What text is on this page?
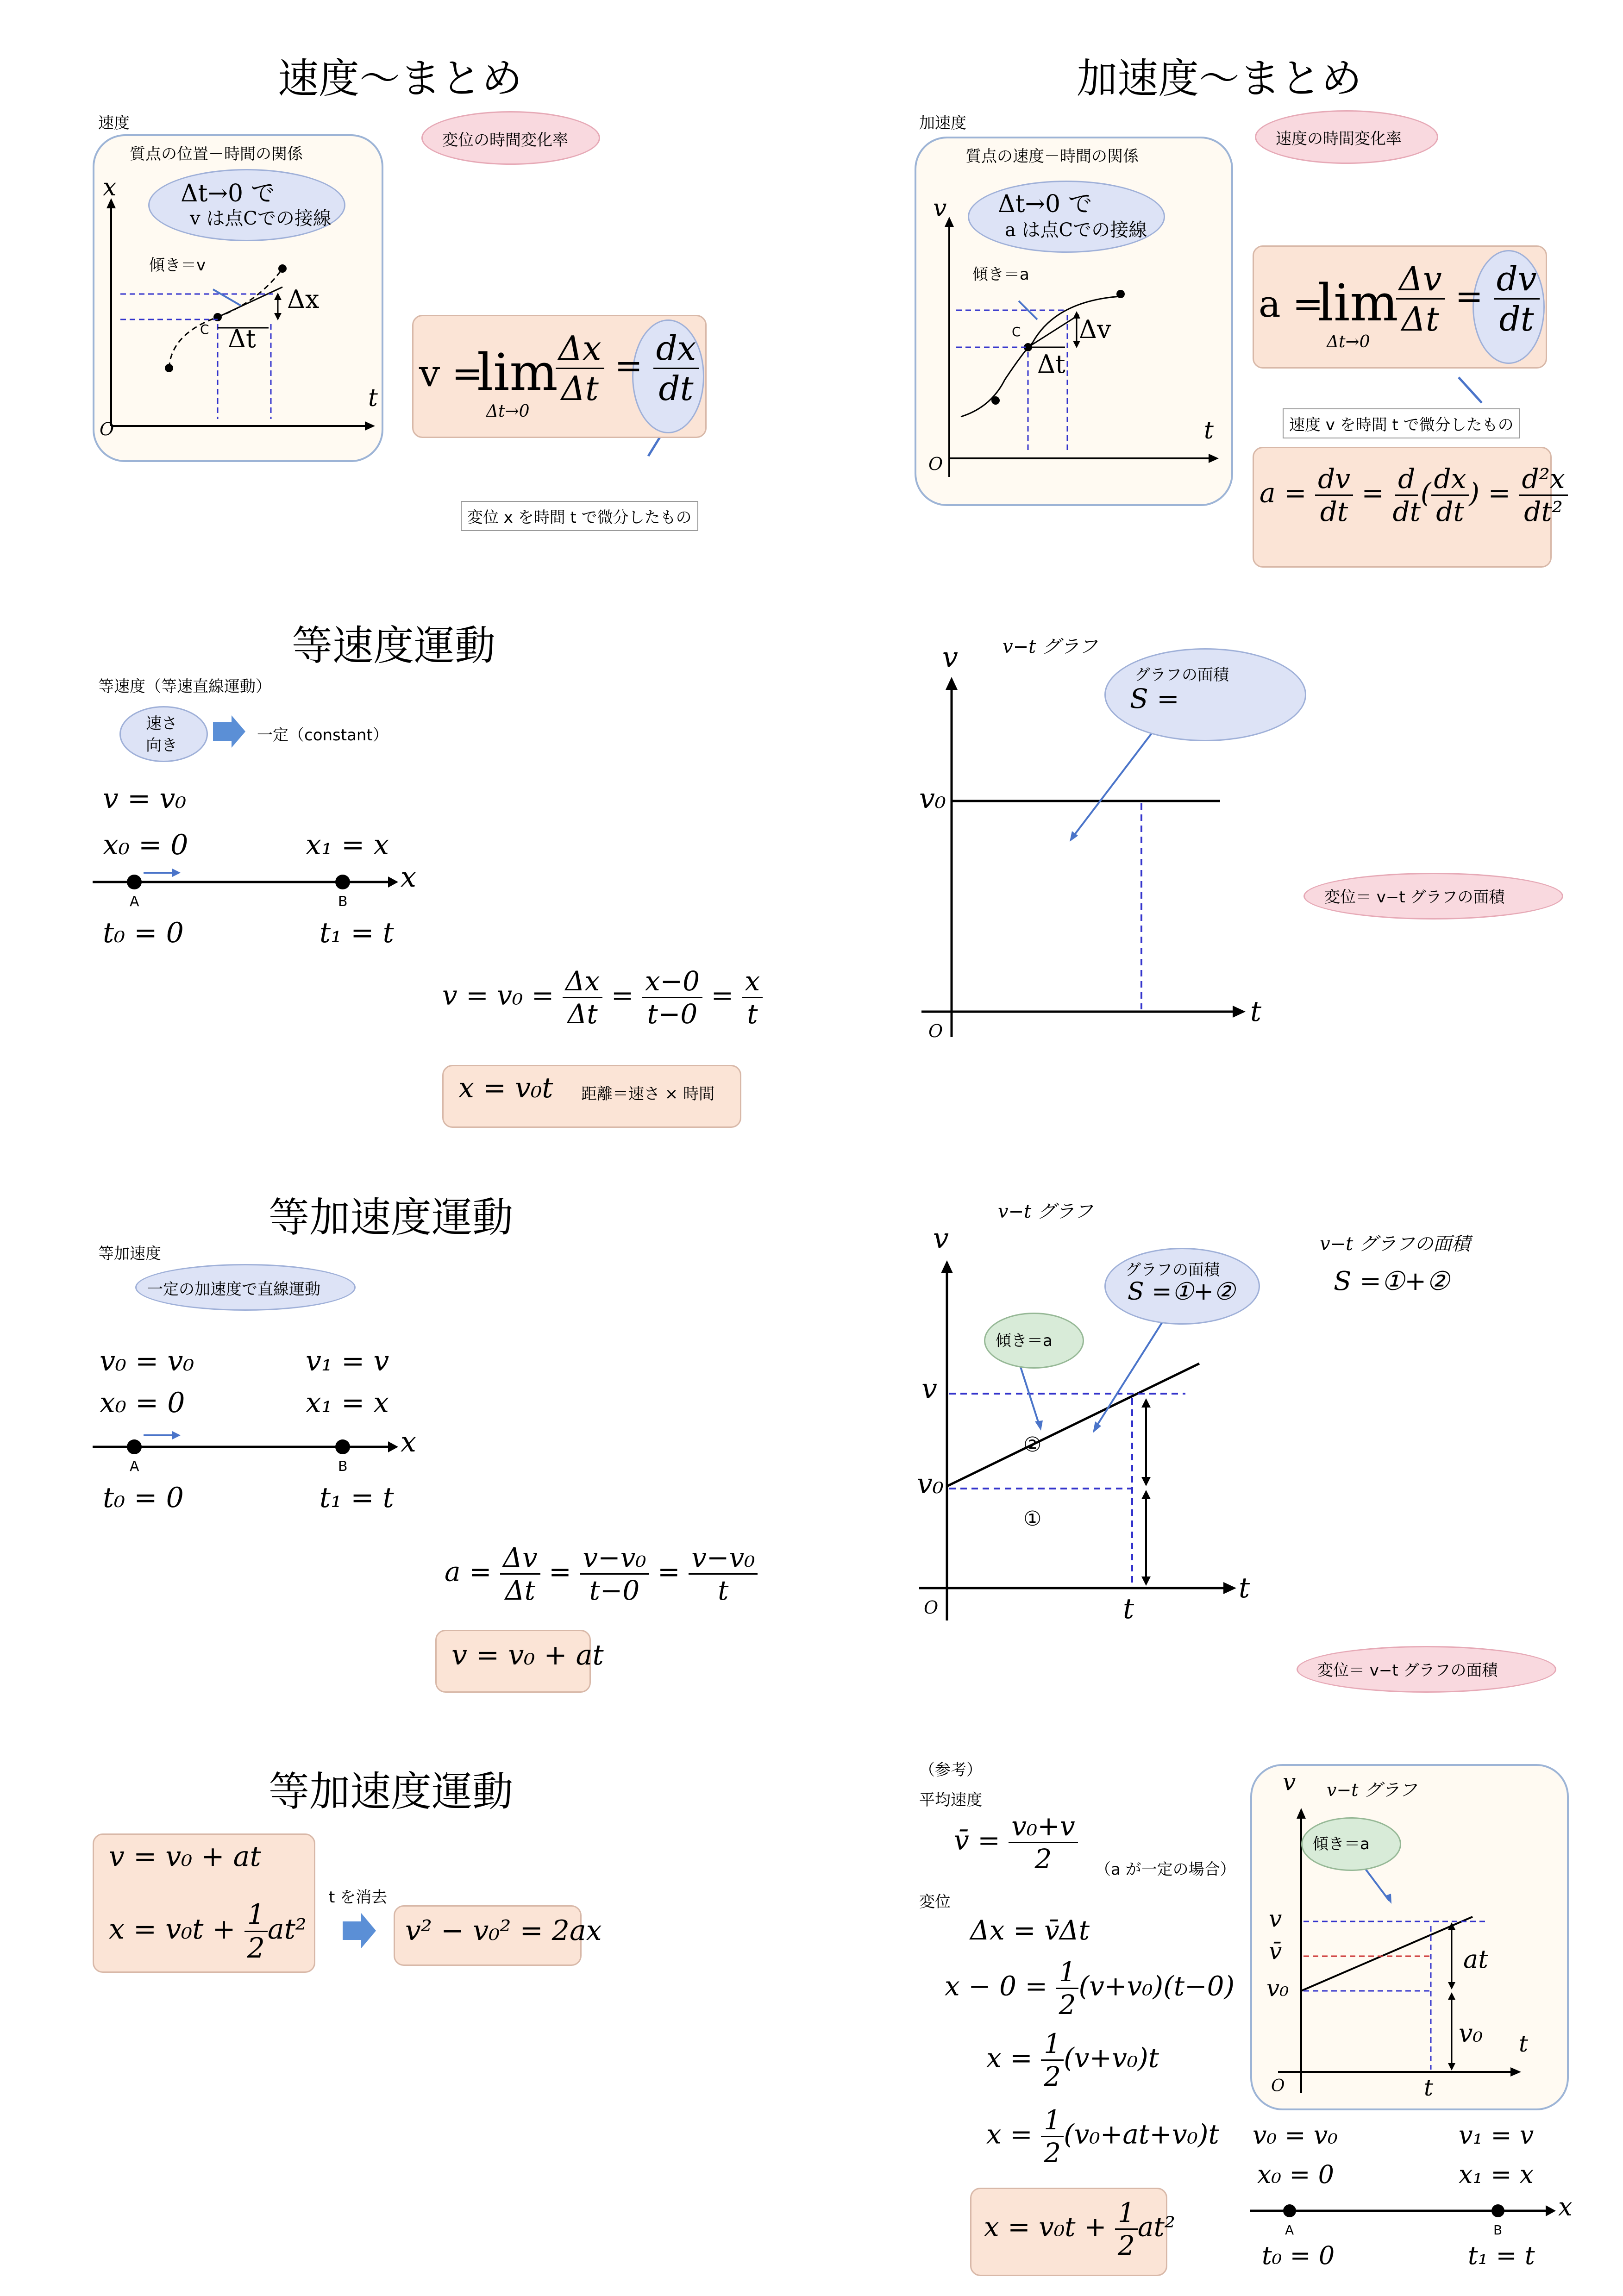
速度～まとめ
速度
変位の時間変化率
質点の位置－時間の関係
Δt→0 で
v は点Cでの接線
x
t
O
傾き＝v
Δx
Δt
C
v =
lim
Δt→0
$\frac{\Delta x}{\Delta t} = \frac{dx}{dt}$
変位 x を時間 t で微分したもの
加速度～まとめ
加速度
速度の時間変化率
質点の速度－時間の関係
Δt→0 で
a は点Cでの接線
v
t
O
傾き＝a
Δv
Δt
C
a =
lim
Δt→0
$\frac{\Delta v}{\Delta t} = \frac{dv}{dt}$
速度 v を時間 t で微分したもの
$a = \frac{dv}{dt} = \frac{d}{dt}$ ( $\frac{dx}{dt}$ ) = $\frac{\text{d²x}}{\text{dt²}}$
等速度運動
等速度（等速直線運動）
速さ
向き
一定（constant）
v = v₀
x₀ = 0	x₁ = x
x
A	B
t₀ = 0	t₁ = t
$v = v_0 = \frac{\Delta x}{\Delta t} = \frac{x-0}{t-0} = \frac{x}{t}$
x = v₀t 距離＝速さ × 時間
v−t グラフ
グラフの面積
S =
v
v₀
t
O
変位＝ v−t グラフの面積
等加速度運動
等加速度
一定の加速度で直線運動
v₀ = v₀	v₁ = v
x₀ = 0	x₁ = x
x
A	B
t₀ = 0	t₁ = t
$a = \frac{\Delta v}{\Delta t} = \frac{\text{v−v₀}}{t-0} = \frac{\text{v−v₀}}{t}$
v = v₀ + at
v−t グラフ
傾き＝a
グラフの面積
S =①+②
v−t グラフの面積
S =①+②
v
v
v₀
t
t
O
①
②
変位＝ v−t グラフの面積
等加速度運動
v = v₀ + at
$x = v_0t + \frac{1}{2} at^2$
t を消去
v² − v₀² = 2ax
（参考）
平均速度
v̄ = $\frac{\text{v₀+v}}{2} (a$ が一定の場合）
変位
Δx = v̄Δt
$x - 0 = \frac{1}{2} (v+v_0)(t-0)$
$x = \frac{1}{2} (v+v_0)t$
$x = \frac{1}{2} (v_0+at+v_0)t$
$x = v_0t + \frac{1}{2} at^2$
v v−t グラフ
傾き＝a
v
v̄
v₀
at
v₀ t
t
O
v₀ = v₀	v₁ = v
x₀ = 0	x₁ = x
x
A	B
t₀ = 0	t₁ = t
